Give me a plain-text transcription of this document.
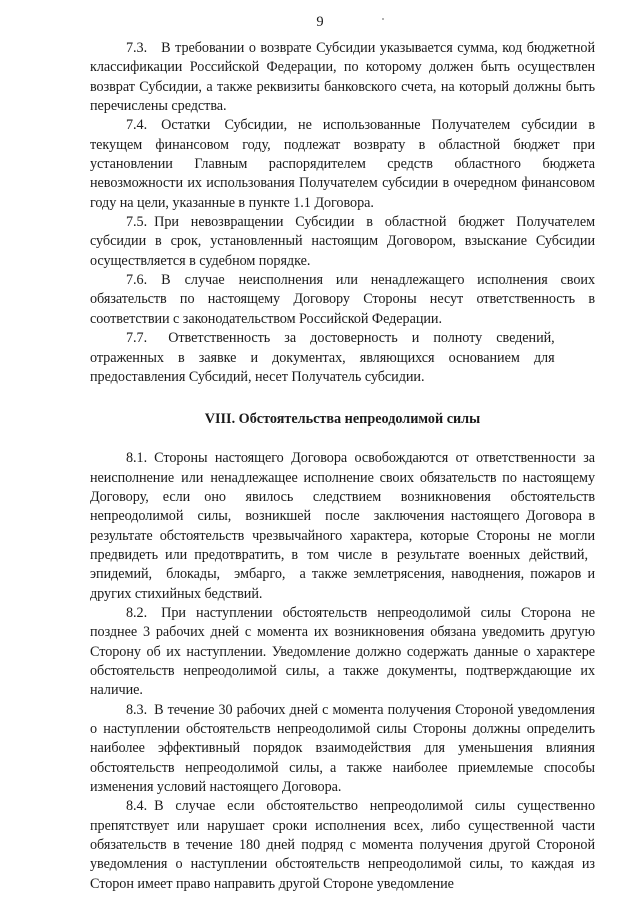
9

7.3.  В требовании о возврате Субсидии указывается сумма, код бюджетной классификации Российской Федерации, по которому должен быть осуществлен возврат Субсидии, а также реквизиты банковского счета, на который должны быть перечислены средства.

7.4.  Остатки  Субсидии, не использованные Получателем субсидии в текущем финансовом году, подлежат возврату в областной бюджет при установлении Главным распорядителем средств областного бюджета невозможности их использования Получателем субсидии в очередном финансовом году на цели, указанные в пункте 1.1 Договора.

7.5. При невозвращении Субсидии в областной бюджет Получателем субсидии в срок, установленный настоящим Договором, взыскание Субсидии осуществляется в судебном порядке.

7.6.  В  случае  неисполнения или ненадлежащего исполнения своих обязательств по настоящему Договору Стороны несут ответственность в соответствии с законодательством Российской Федерации.

7.7.   Ответственность  за  достоверность  и  полноту  сведений, отраженных  в  заявке  и  документах,  являющихся  основанием  для предоставления Субсидий, несет Получатель субсидии.

VIII. Обстоятельства непреодолимой силы

8.1. Стороны настоящего Договора освобождаются от ответственности за неисполнение или ненадлежащее исполнение своих обязательств по настоящему Договору,  если  оно явилось следствием возникновения обстоятельств непреодолимой  силы,  возникшей  после  заключения настоящего Договора в результате обстоятельств чрезвычайного характера, которые Стороны не могли предвидеть или предотвратить, в том числе в результате военных действий, эпидемий,  блокады,  эмбарго,  а также землетрясения, наводнения, пожаров и других стихийных бедствий.

8.2.  При наступлении обстоятельств непреодолимой силы Сторона не позднее 3 рабочих дней с момента их возникновения обязана уведомить другую Сторону об их наступлении. Уведомление должно содержать данные о характере обстоятельств непреодолимой силы, а также документы, подтверждающие их наличие.

8.3. В течение 30 рабочих дней с момента получения Стороной уведомления о наступлении обстоятельств непреодолимой силы Стороны должны определить наиболее эффективный порядок взаимодействия для уменьшения влияния обстоятельств непреодолимой силы, а также наиболее приемлемые способы изменения условий настоящего Договора.

8.4. В случае если обстоятельство непреодолимой силы существенно препятствует или нарушает сроки исполнения всех, либо существенной части обязательств в течение 180 дней подряд с момента получения другой Стороной уведомления о наступлении обстоятельств непреодолимой силы, то каждая из Сторон имеет право направить другой Стороне уведомление
